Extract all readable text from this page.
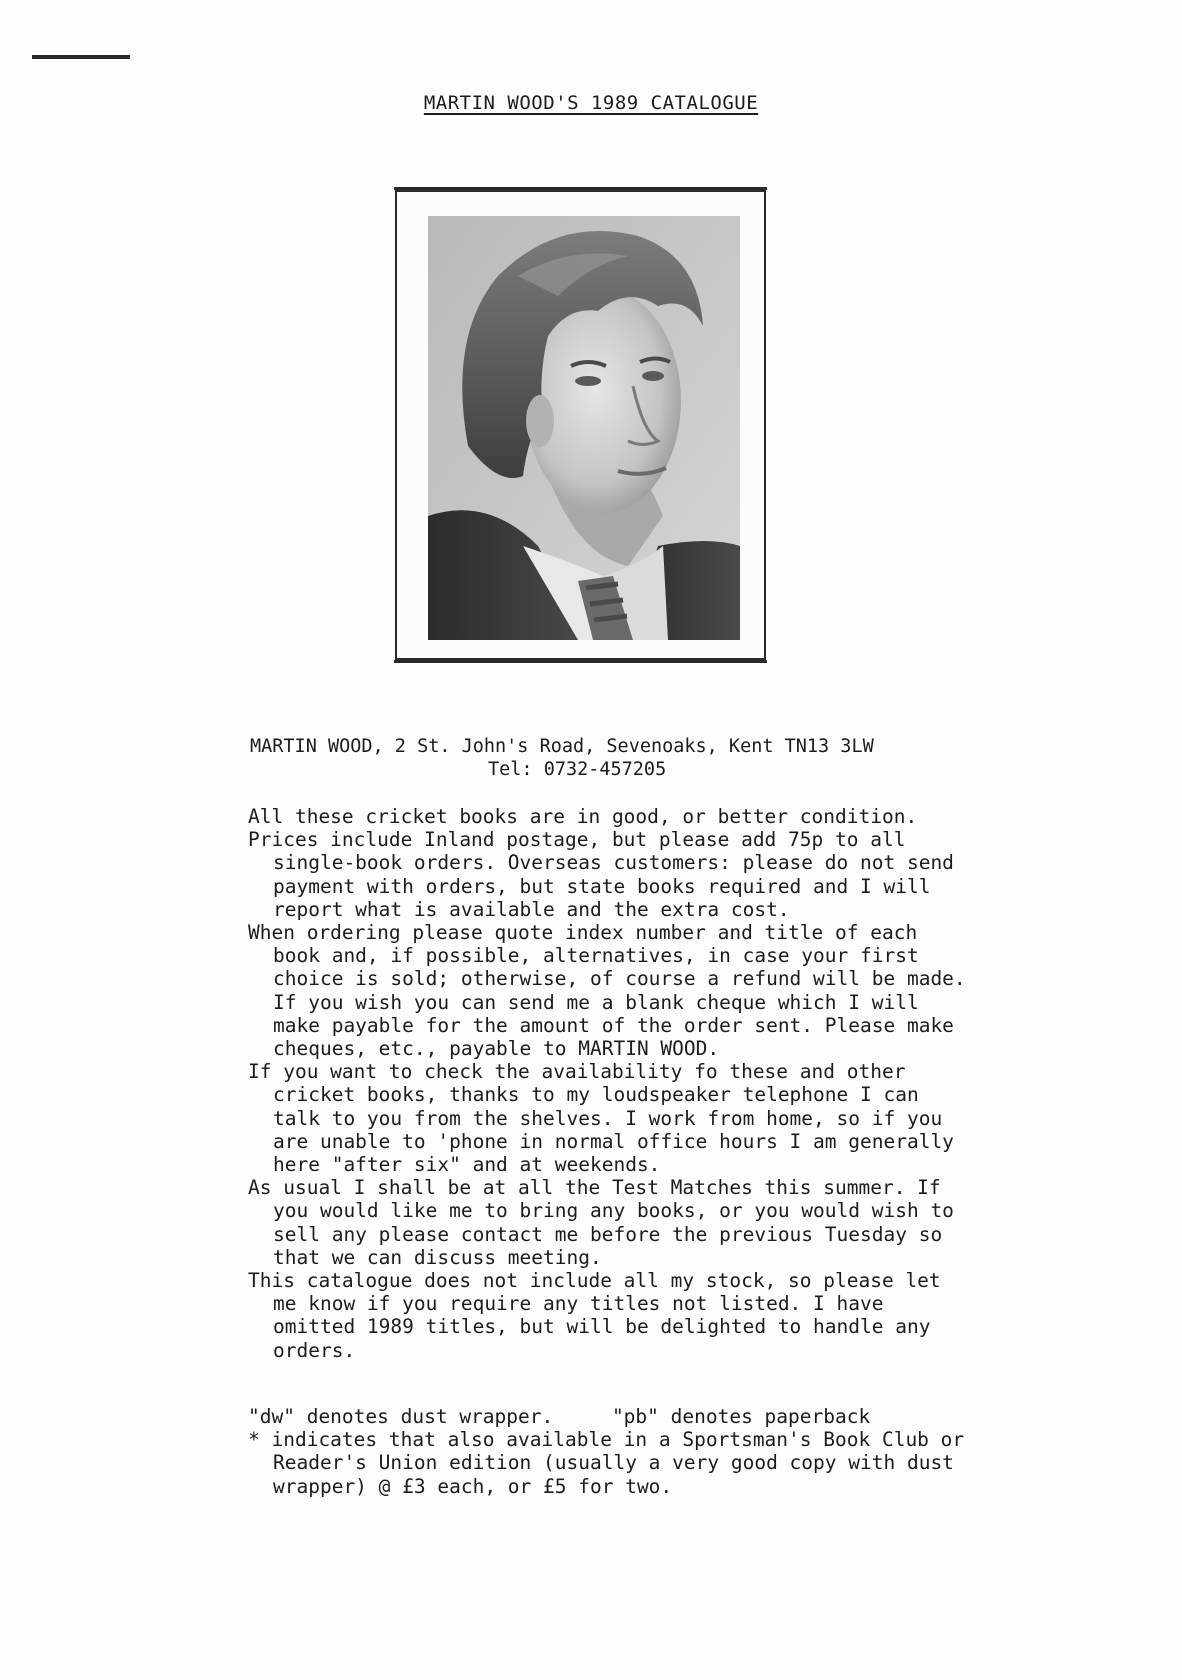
MARTIN WOOD'S 1989 CATALOGUE
MARTIN WOOD, 2 St. John's Road, Sevenoaks, Kent TN13 3LW

Tel: 0732-457205

All these cricket books are in good, or better condition.

Prices include Inland postage, but please add 75p to all single-book orders. Overseas customers: please do not send payment with orders, but state books required and I will report what is available and the extra cost.

When ordering please quote index number and title of each book and, if possible, alternatives, in case your first choice is sold; otherwise, of course a refund will be made. If you wish you can send me a blank cheque which I will make payable for the amount of the order sent. Please make cheques, etc., payable to MARTIN WOOD.

If you want to check the availability fo these and other cricket books, thanks to my loudspeaker telephone I can talk to you from the shelves. I work from home, so if you are unable to 'phone in normal office hours I am generally here "after six" and at weekends.

As usual I shall be at all the Test Matches this summer. If you would like me to bring any books, or you would wish to sell any please contact me before the previous Tuesday so that we can discuss meeting.

This catalogue does not include all my stock, so please let me know if you require any titles not listed. I have omitted 1989 titles, but will be delighted to handle any orders.

"dw" denotes dust wrapper.     "pb" denotes paperback

* indicates that also available in a Sportsman's Book Club or Reader's Union edition (usually a very good copy with dust wrapper) @ £3 each, or £5 for two.
